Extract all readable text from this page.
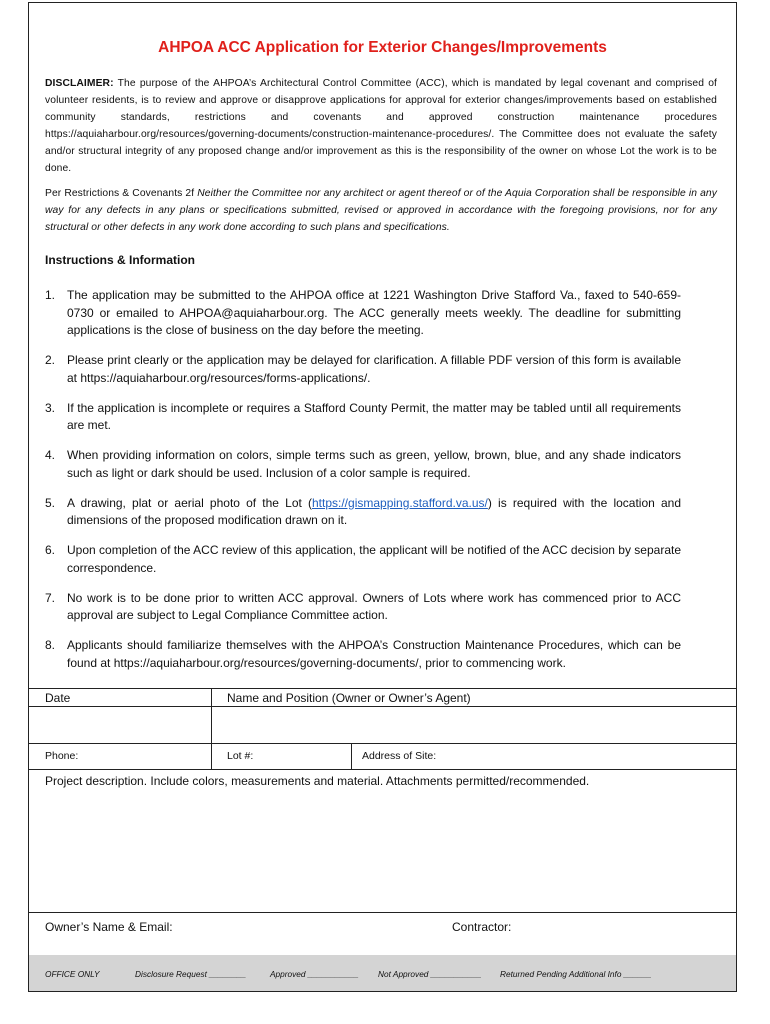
AHPOA ACC Application for Exterior Changes/Improvements
DISCLAIMER: The purpose of the AHPOA’s Architectural Control Committee (ACC), which is mandated by legal covenant and comprised of volunteer residents, is to review and approve or disapprove applications for approval for exterior changes/improvements based on established community standards, restrictions and covenants and approved construction maintenance procedures https://aquiaharbour.org/resources/governing-documents/construction-maintenance-procedures/. The Committee does not evaluate the safety and/or structural integrity of any proposed change and/or improvement as this is the responsibility of the owner on whose Lot the work is to be done.
Per Restrictions & Covenants 2f Neither the Committee nor any architect or agent thereof or of the Aquia Corporation shall be responsible in any way for any defects in any plans or specifications submitted, revised or approved in accordance with the foregoing provisions, nor for any structural or other defects in any work done according to such plans and specifications.
Instructions & Information
1. The application may be submitted to the AHPOA office at 1221 Washington Drive Stafford Va., faxed to 540-659-0730 or emailed to AHPOA@aquiaharbour.org. The ACC generally meets weekly. The deadline for submitting applications is the close of business on the day before the meeting.
2. Please print clearly or the application may be delayed for clarification. A fillable PDF version of this form is available at https://aquiaharbour.org/resources/forms-applications/.
3. If the application is incomplete or requires a Stafford County Permit, the matter may be tabled until all requirements are met.
4. When providing information on colors, simple terms such as green, yellow, brown, blue, and any shade indicators such as light or dark should be used. Inclusion of a color sample is required.
5. A drawing, plat or aerial photo of the Lot (https://gismapping.stafford.va.us/) is required with the location and dimensions of the proposed modification drawn on it.
6. Upon completion of the ACC review of this application, the applicant will be notified of the ACC decision by separate correspondence.
7. No work is to be done prior to written ACC approval. Owners of Lots where work has commenced prior to ACC approval are subject to Legal Compliance Committee action.
8. Applicants should familiarize themselves with the AHPOA’s Construction Maintenance Procedures, which can be found at https://aquiaharbour.org/resources/governing-documents/, prior to commencing work.
Date	Name and Position (Owner or Owner’s Agent)
Phone:	Lot #:	Address of Site:
Project description. Include colors, measurements and material. Attachments permitted/recommended.
Owner’s Name & Email:	Contractor:
OFFICE ONLY	Disclosure Request ________	Approved ___________ Not Approved ___________ Returned Pending Additional Info ______
